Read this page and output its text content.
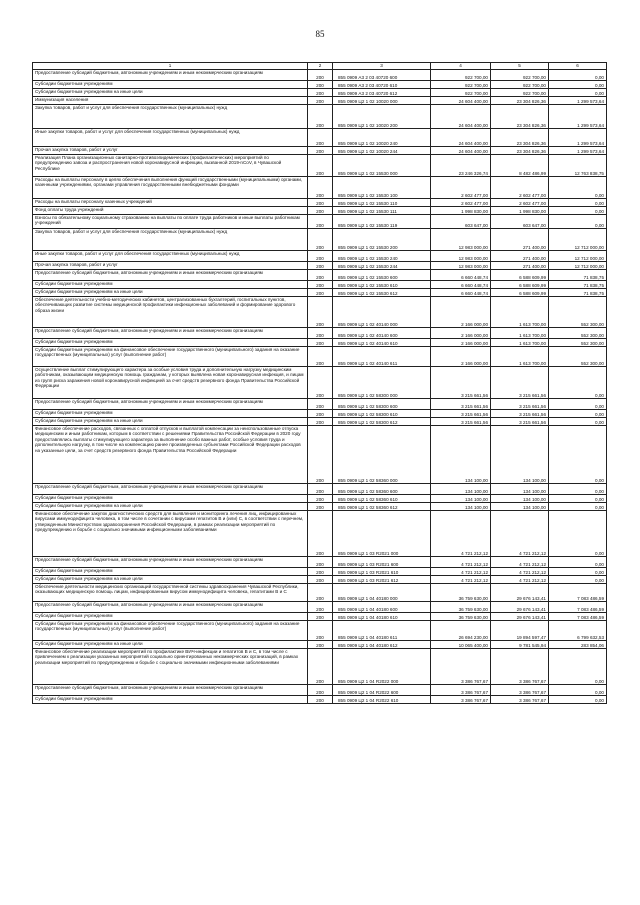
85
1	2	3	4	5	6
Предоставление субсидий бюджетным, автономным учреждениям и иным некоммерческим организациям	200	855 0909 А3 2 03 40720 600	922 700,00	922 700,00	0,00
Субсидии бюджетным учреждениям	200	855 0909 А3 2 03 40720 610	922 700,00	922 700,00	0,00
Субсидии бюджетным учреждениям на иные цели	200	855 0909 А3 2 03 40720 612	922 700,00	922 700,00	0,00
Иммунизация населения	200	855 0909 Ц2 1 02 10020 000	24 604 400,00	23 304 826,36	1 299 573,64
Закупка товаров, работ и услуг для обеспечения государственных (муниципальных) нужд	200	855 0909 Ц2 1 02 10020 200	24 604 400,00	23 304 826,36	1 299 573,64
Иные закупки товаров, работ и услуг для обеспечения государственных (муниципальных) нужд	200	855 0909 Ц2 1 02 10020 240	24 604 400,00	23 304 826,36	1 299 573,64
Прочая закупка товаров, работ и услуг	200	855 0909 Ц2 1 02 10020 244	24 604 400,00	23 304 826,36	1 299 573,64
Реализация Плана организационных санитарно-противоэпидемических (профилактических) мероприятий по предупреждению завоза и распространения новой коронавирусной инфекции, вызванной 2019-nCoV, в Чувашской Республике	200	855 0909 Ц2 1 02 15530 000	23 246 326,74	8 482 486,99	12 763 838,75
Расходы на выплаты персоналу в целях обеспечения выполнения функций государственными (муниципальными) органами, казенными учреждениями, органами управления государственными внебюджетными фондами	200	855 0909 Ц2 1 02 15530 100	2 602 477,00	2 602 477,00	0,00
Расходы на выплаты персоналу казенных учреждений	200	855 0909 Ц2 1 02 15530 110	2 602 477,00	2 602 477,00	0,00
Фонд оплаты труда учреждений	200	855 0909 Ц2 1 02 15530 111	1 998 830,00	1 998 830,00	0,00
Взносы по обязательному социальному страхованию на выплаты по оплате труда работников и иные выплаты работникам учреждений	200	855 0909 Ц2 1 02 15530 119	603 647,00	603 647,00	0,00
Закупка товаров, работ и услуг для обеспечения государственных (муниципальных) нужд	200	855 0909 Ц2 1 02 15530 200	12 983 000,00	271 400,00	12 712 000,00
Иные закупки товаров, работ и услуг для обеспечения государственных (муниципальных) нужд	200	855 0909 Ц2 1 02 15530 240	12 983 000,00	271 400,00	12 712 000,00
Прочая закупка товаров, работ и услуг	200	855 0909 Ц2 1 02 15530 244	12 983 000,00	271 400,00	12 712 000,00
Предоставление субсидий бюджетным, автономным учреждениям и иным некоммерческим организациям	200	855 0909 Ц2 1 02 15530 600	6 660 448,74	6 588 609,99	71 838,75
Субсидии бюджетным учреждениям	200	855 0909 Ц2 1 02 15530 610	6 660 448,74	6 588 609,99	71 838,75
Субсидии бюджетным учреждениям на иные цели	200	855 0909 Ц2 1 02 15530 612	6 660 448,74	6 588 609,99	71 838,75
Обеспечение деятельности учебно-методических кабинетов, централизованных бухгалтерий, госпитальных пунктов, обеспечивающих развитие системы медицинской профилактики инфекционных заболеваний и формирование здорового образа жизни	200	855 0909 Ц2 1 02 40140 000	2 166 000,00	1 613 700,00	552 300,00
Предоставление субсидий бюджетным, автономным учреждениям и иным некоммерческим организациям	200	855 0909 Ц2 1 02 40140 600	2 166 000,00	1 613 700,00	552 300,00
Субсидии бюджетным учреждениям	200	855 0909 Ц2 1 02 40140 610	2 166 000,00	1 613 700,00	552 300,00
Субсидии бюджетным учреждениям на финансовое обеспечение государственного (муниципального) задания на оказание государственных (муниципальных) услуг (выполнение работ)	200	855 0909 Ц2 1 02 40140 611	2 166 000,00	1 613 700,00	552 300,00
Осуществление выплат стимулирующего характера за особые условия труда и дополнительную нагрузку медицинским работникам, оказывающим медицинскую помощь гражданам, у которых выявлена новая коронавирусная инфекция, и лицам из групп риска заражения новой коронавирусной инфекцией за счет средств резервного фонда Правительства Российской Федерации	200	855 0909 Ц2 1 02 58300 000	3 215 661,56	3 215 661,56	0,00
Предоставление субсидий бюджетным, автономным учреждениям и иным некоммерческим организациям	200	855 0909 Ц2 1 02 58300 600	3 215 661,56	3 215 661,56	0,00
Субсидии бюджетным учреждениям	200	855 0909 Ц2 1 02 58300 610	3 215 661,56	3 215 661,56	0,00
Субсидии бюджетным учреждениям на иные цели	200	855 0909 Ц2 1 02 58300 612	3 215 661,56	3 215 661,56	0,00
Финансовое обеспечение расходов, связанных с оплатой отпусков и выплатой компенсации за неиспользованные отпуска медицинским и иным работникам, которым в соответствии с решениями Правительства Российской Федерации в 2020 году предоставлялись выплаты стимулирующего характера за выполнение особо важных работ, особые условия труда и дополнительную нагрузку, в том числе на компенсацию ранее произведенных субъектами Российской Федерации расходов на указанные цели, за счет средств резервного фонда Правительства Российской Федерации	200	855 0909 Ц2 1 02 58360 000	134 100,00	134 100,00	0,00
Предоставление субсидий бюджетным, автономным учреждениям и иным некоммерческим организациям	200	855 0909 Ц2 1 02 58360 600	134 100,00	134 100,00	0,00
Субсидии бюджетным учреждениям	200	855 0909 Ц2 1 02 58360 610	134 100,00	134 100,00	0,00
Субсидии бюджетным учреждениям на иные цели	200	855 0909 Ц2 1 02 58360 612	134 100,00	134 100,00	0,00
Финансовое обеспечение закупок диагностических средств для выявления и мониторинга лечения лиц, инфицированных вирусами иммунодефицита человека, в том числе в сочетании с вирусами гепатитов B и (или) C, в соответствии с перечнем, утвержденным Министерством здравоохранения Российской Федерации, в рамках реализации мероприятий по предупреждению и борьбе с социально значимыми инфекционными заболеваниями	200	855 0909 Ц2 1 03 R2021 000	4 721 212,12	4 721 212,12	0,00
Предоставление субсидий бюджетным, автономным учреждениям и иным некоммерческим организациям	200	855 0909 Ц2 1 03 R2021 600	4 721 212,12	4 721 212,12	0,00
Субсидии бюджетным учреждениям	200	855 0909 Ц2 1 03 R2021 610	4 721 212,12	4 721 212,12	0,00
Субсидии бюджетным учреждениям на иные цели	200	855 0909 Ц2 1 03 R2021 612	4 721 212,12	4 721 212,12	0,00
Обеспечение деятельности медицинских организаций государственной системы здравоохранения Чувашской Республики, оказывающих медицинскую помощь лицам, инфицированным вирусом иммунодефицита человека, гепатитами B и C	200	855 0909 Ц2 1 04 40180 000	36 759 630,00	29 676 143,41	7 083 486,59
Предоставление субсидий бюджетным, автономным учреждениям и иным некоммерческим организациям	200	855 0909 Ц2 1 04 40180 600	36 759 630,00	29 676 143,41	7 083 486,59
Субсидии бюджетным учреждениям	200	855 0909 Ц2 1 04 40180 610	36 759 630,00	29 676 143,41	7 083 486,59
Субсидии бюджетным учреждениям на финансовое обеспечение государственного (муниципального) задания на оказание государственных (муниципальных) услуг (выполнение работ)	200	855 0909 Ц2 1 04 40180 611	26 694 230,00	19 894 597,47	6 799 632,53
Субсидии бюджетным учреждениям на иные цели	200	855 0909 Ц2 1 04 40180 612	10 065 400,00	9 781 545,94	283 854,06
Финансовое обеспечение реализации мероприятий по профилактике ВИЧ-инфекции и гепатитов B и C, в том числе с привлечением к реализации указанных мероприятий социально ориентированных некоммерческих организаций, в рамках реализации мероприятий по предупреждению и борьбе с социально значимыми инфекционными заболеваниями	200	855 0909 Ц2 1 04 R2022 000	3 386 767,67	3 386 767,67	0,00
Предоставление субсидий бюджетным, автономным учреждениям и иным некоммерческим организациям	200	855 0909 Ц2 1 04 R2022 600	3 386 767,67	3 386 767,67	0,00
Субсидии бюджетным учреждениям	200	855 0909 Ц2 1 04 R2022 610	3 386 767,67	3 386 767,67	0,00
